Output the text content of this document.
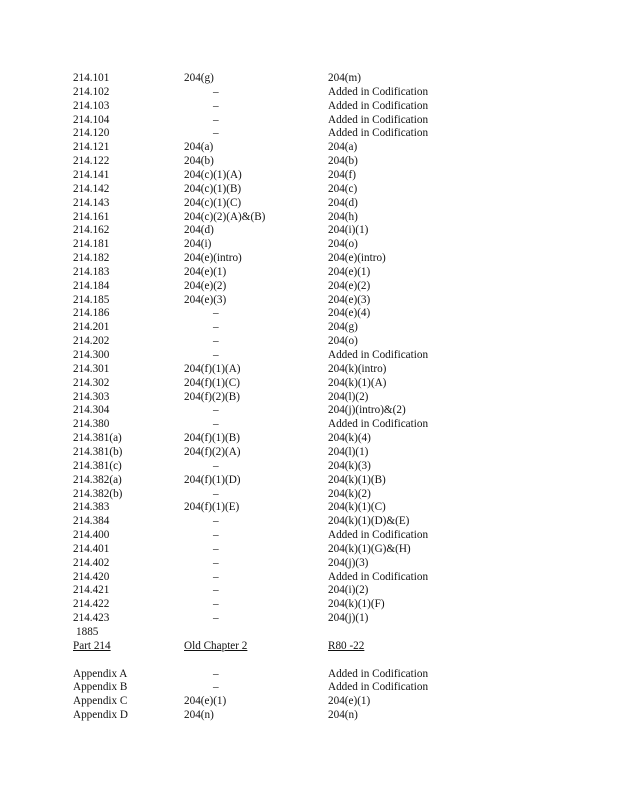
214.101	204(g)	204(m)
214.102	–	Added in Codification
214.103	–	Added in Codification
214.104	–	Added in Codification
214.120	–	Added in Codification
214.121	204(a)	204(a)
214.122	204(b)	204(b)
214.141	204(c)(1)(A)	204(f)
214.142	204(c)(1)(B)	204(c)
214.143	204(c)(1)(C)	204(d)
214.161	204(c)(2)(A)&(B)	204(h)
214.162	204(d)	204(i)(1)
214.181	204(i)	204(o)
214.182	204(e)(intro)	204(e)(intro)
214.183	204(e)(1)	204(e)(1)
214.184	204(e)(2)	204(e)(2)
214.185	204(e)(3)	204(e)(3)
214.186	–	204(e)(4)
214.201	–	204(g)
214.202	–	204(o)
214.300	–	Added in Codification
214.301	204(f)(1)(A)	204(k)(intro)
214.302	204(f)(1)(C)	204(k)(1)(A)
214.303	204(f)(2)(B)	204(l)(2)
214.304	–	204(j)(intro)&(2)
214.380	–	Added in Codification
214.381(a)	204(f)(1)(B)	204(k)(4)
214.381(b)	204(f)(2)(A)	204(l)(1)
214.381(c)	–	204(k)(3)
214.382(a)	204(f)(1)(D)	204(k)(1)(B)
214.382(b)	–	204(k)(2)
214.383	204(f)(1)(E)	204(k)(1)(C)
214.384	–	204(k)(1)(D)&(E)
214.400	–	Added in Codification
214.401	–	204(k)(1)(G)&(H)
214.402	–	204(j)(3)
214.420	–	Added in Codification
214.421	–	204(i)(2)
214.422	–	204(k)(1)(F)
214.423	–	204(j)(1)
1885
Part 214	Old Chapter 2	R80 -22
Appendix A	–	Added in Codification
Appendix B	–	Added in Codification
Appendix C	204(e)(1)	204(e)(1)
Appendix D	204(n)	204(n)
